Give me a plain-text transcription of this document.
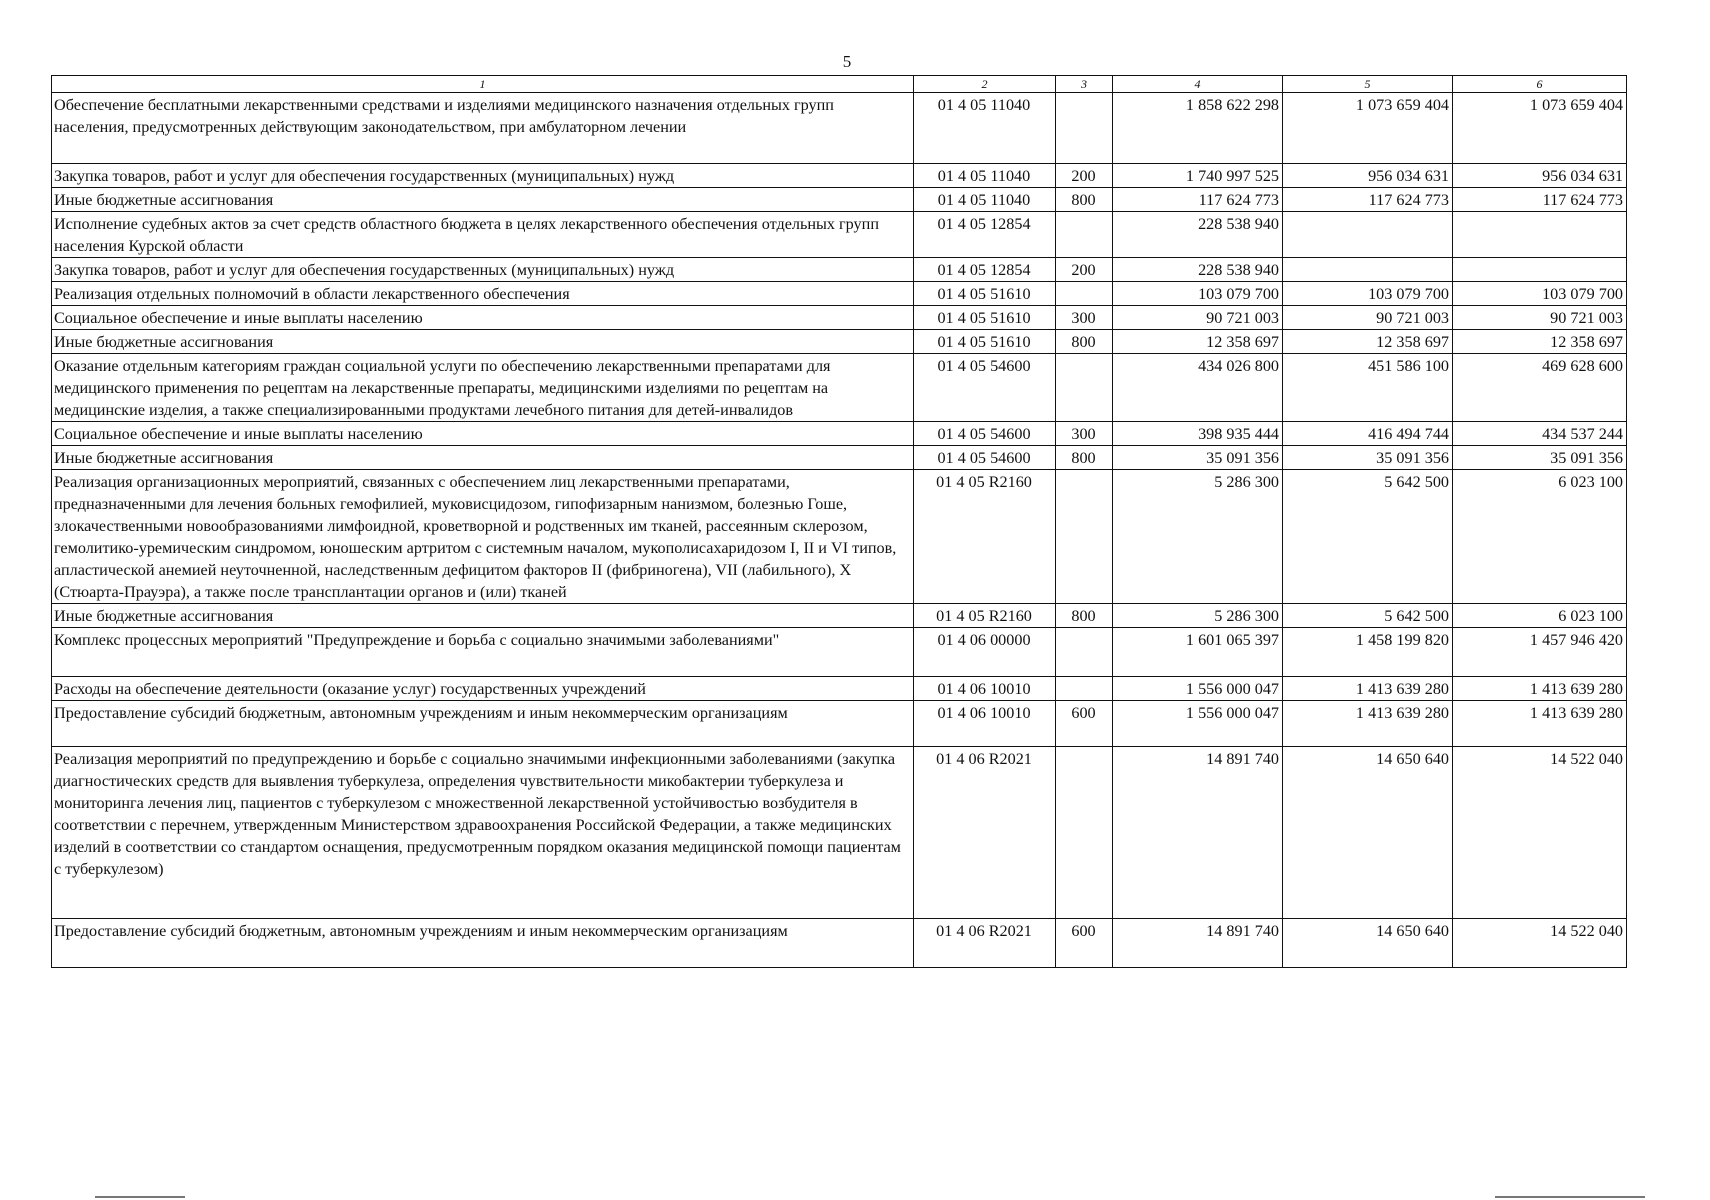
5
1	2	3	4	5	6
Обеспечение бесплатными лекарственными средствами и изделиями медицинского назначения отдельных групп населения, предусмотренных действующим законодательством, при амбулаторном лечении	01 4 05 11040		1 858 622 298	1 073 659 404	1 073 659 404
Закупка товаров, работ и услуг для обеспечения государственных (муниципальных) нужд	01 4 05 11040	200	1 740 997 525	956 034 631	956 034 631
Иные бюджетные ассигнования	01 4 05 11040	800	117 624 773	117 624 773	117 624 773
Исполнение судебных актов за счет средств областного бюджета в целях лекарственного обеспечения отдельных групп населения Курской области	01 4 05 12854		228 538 940		
Закупка товаров, работ и услуг для обеспечения государственных (муниципальных) нужд	01 4 05 12854	200	228 538 940		
Реализация отдельных полномочий в области лекарственного обеспечения	01 4 05 51610		103 079 700	103 079 700	103 079 700
Социальное обеспечение и иные выплаты населению	01 4 05 51610	300	90 721 003	90 721 003	90 721 003
Иные бюджетные ассигнования	01 4 05 51610	800	12 358 697	12 358 697	12 358 697
Оказание отдельным категориям граждан социальной услуги по обеспечению лекарственными препаратами для медицинского применения по рецептам на лекарственные препараты, медицинскими изделиями по рецептам на медицинские изделия, а также специализированными продуктами лечебного питания для детей-инвалидов	01 4 05 54600		434 026 800	451 586 100	469 628 600
Социальное обеспечение и иные выплаты населению	01 4 05 54600	300	398 935 444	416 494 744	434 537 244
Иные бюджетные ассигнования	01 4 05 54600	800	35 091 356	35 091 356	35 091 356
Реализация организационных мероприятий, связанных с обеспечением лиц лекарственными препаратами, предназначенными для лечения больных гемофилией, муковисцидозом, гипофизарным нанизмом, болезнью Гоше, злокачественными новообразованиями лимфоидной, кроветворной и родственных им тканей, рассеянным склерозом, гемолитико-уремическим синдромом, юношеским артритом с системным началом, мукополисахаридозом I, II и VI типов, апластической анемией неуточненной, наследственным дефицитом факторов II (фибриногена), VII (лабильного), X (Стюарта-Прауэра), а также после трансплантации органов и (или) тканей	01 4 05 R2160		5 286 300	5 642 500	6 023 100
Иные бюджетные ассигнования	01 4 05 R2160	800	5 286 300	5 642 500	6 023 100
Комплекс процессных мероприятий "Предупреждение и борьба с социально значимыми заболеваниями"	01 4 06 00000		1 601 065 397	1 458 199 820	1 457 946 420
Расходы на обеспечение деятельности (оказание услуг) государственных учреждений	01 4 06 10010		1 556 000 047	1 413 639 280	1 413 639 280
Предоставление субсидий бюджетным, автономным учреждениям и иным некоммерческим организациям	01 4 06 10010	600	1 556 000 047	1 413 639 280	1 413 639 280
Реализация мероприятий по предупреждению и борьбе с социально значимыми инфекционными заболеваниями (закупка диагностических средств для выявления туберкулеза, определения чувствительности микобактерии туберкулеза и мониторинга лечения лиц, пациентов с туберкулезом с множественной лекарственной устойчивостью возбудителя в соответствии с перечнем, утвержденным Министерством здравоохранения Российской Федерации, а также медицинских изделий в соответствии со стандартом оснащения, предусмотренным порядком оказания медицинской помощи пациентам с туберкулезом)	01 4 06 R2021		14 891 740	14 650 640	14 522 040
Предоставление субсидий бюджетным, автономным учреждениям и иным некоммерческим организациям	01 4 06 R2021	600	14 891 740	14 650 640	14 522 040
